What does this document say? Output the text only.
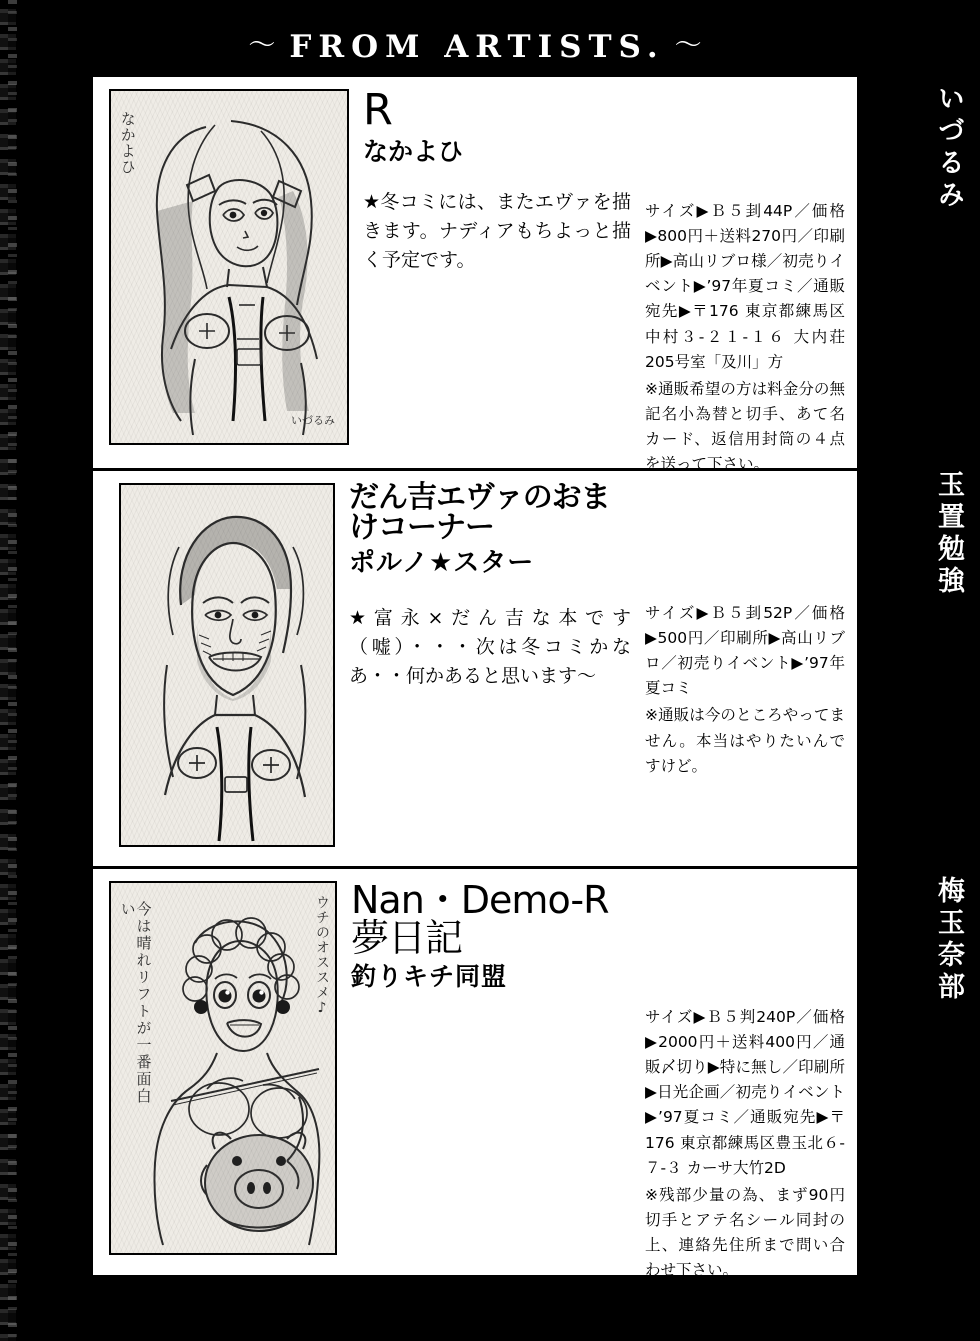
〜 FROM ARTISTS. 〜
なかよひ
いづるみ
R
なかよひ
★冬コミには、またエヴァを描きます。ナディアもちよっと描く予定です。

サイズ▶Ｂ５刲44P／価格▶800円＋送料270円／印刷所▶高山リブロ様／初売りイベント▶’97年夏コミ／通販宛先▶〒176 東京都練馬区中村３-２１-１６ 大内荘205号室「及川」方

※通販希望の方は料金分の無記名小為替と切手、あて名カード、返信用封筒の４点を送って下さい。

だん吉エヴァのおまけコーナー
ポルノ★スター
★富永×だん吉な本です（嘘）・・・次は冬コミかなあ・・何かあると思います〜

サイズ▶Ｂ５刲52P／価格▶500円／印刷所▶高山リブロ／初売りイベント▶’97年夏コミ

※通販は今のところやってません。本当はやりたいんですけど。

ウチのオススメ♪
今は晴れリフトが一番面白い	Nan・Demo-R夢日記
釣りキチ同盟

サイズ▶Ｂ５判240P／価格▶2000円＋送料400円／通販〆切り▶特に無し／印刷所▶日光企画／初売りイベント▶’97夏コミ／通販宛先▶〒176 東京都練馬区豊玉北６-７-３ カーサ大竹2D

※残部少量の為、まず90円切手とアテ名シール同封の上、連絡先住所まで問い合わせ下さい。

いづるみ
玉置勉強
梅玉奈部
